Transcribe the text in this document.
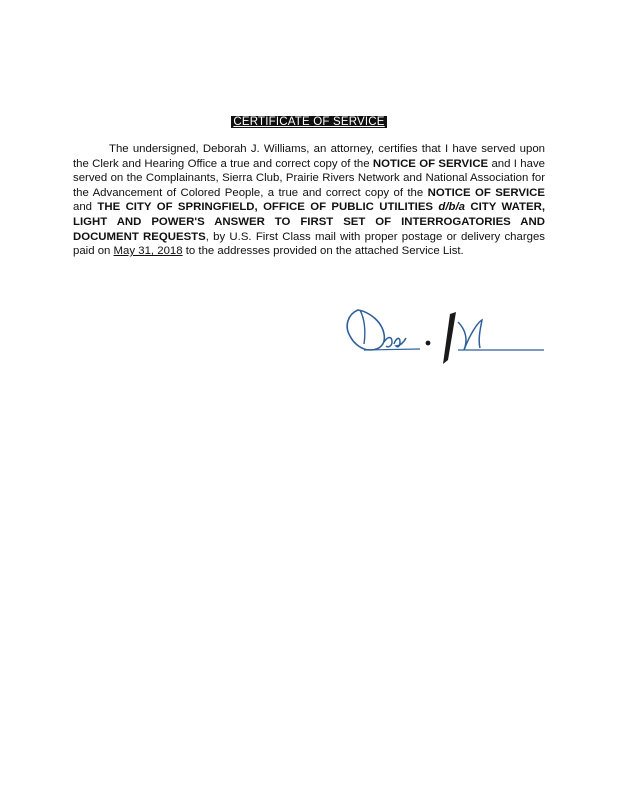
CERTIFICATE OF SERVICE

The undersigned, Deborah J. Williams, an attorney, certifies that I have served upon the Clerk and Hearing Office a true and correct copy of the NOTICE OF SERVICE and I have served on the Complainants, Sierra Club, Prairie Rivers Network and National Association for the Advancement of Colored People, a true and correct copy of the NOTICE OF SERVICE and THE CITY OF SPRINGFIELD, OFFICE OF PUBLIC UTILITIES d/b/a CITY WATER, LIGHT AND POWER'S ANSWER TO FIRST SET OF INTERROGATORIES AND DOCUMENT REQUESTS, by U.S. First Class mail with proper postage or delivery charges paid on May 31, 2018 to the addresses provided on the attached Service List.
